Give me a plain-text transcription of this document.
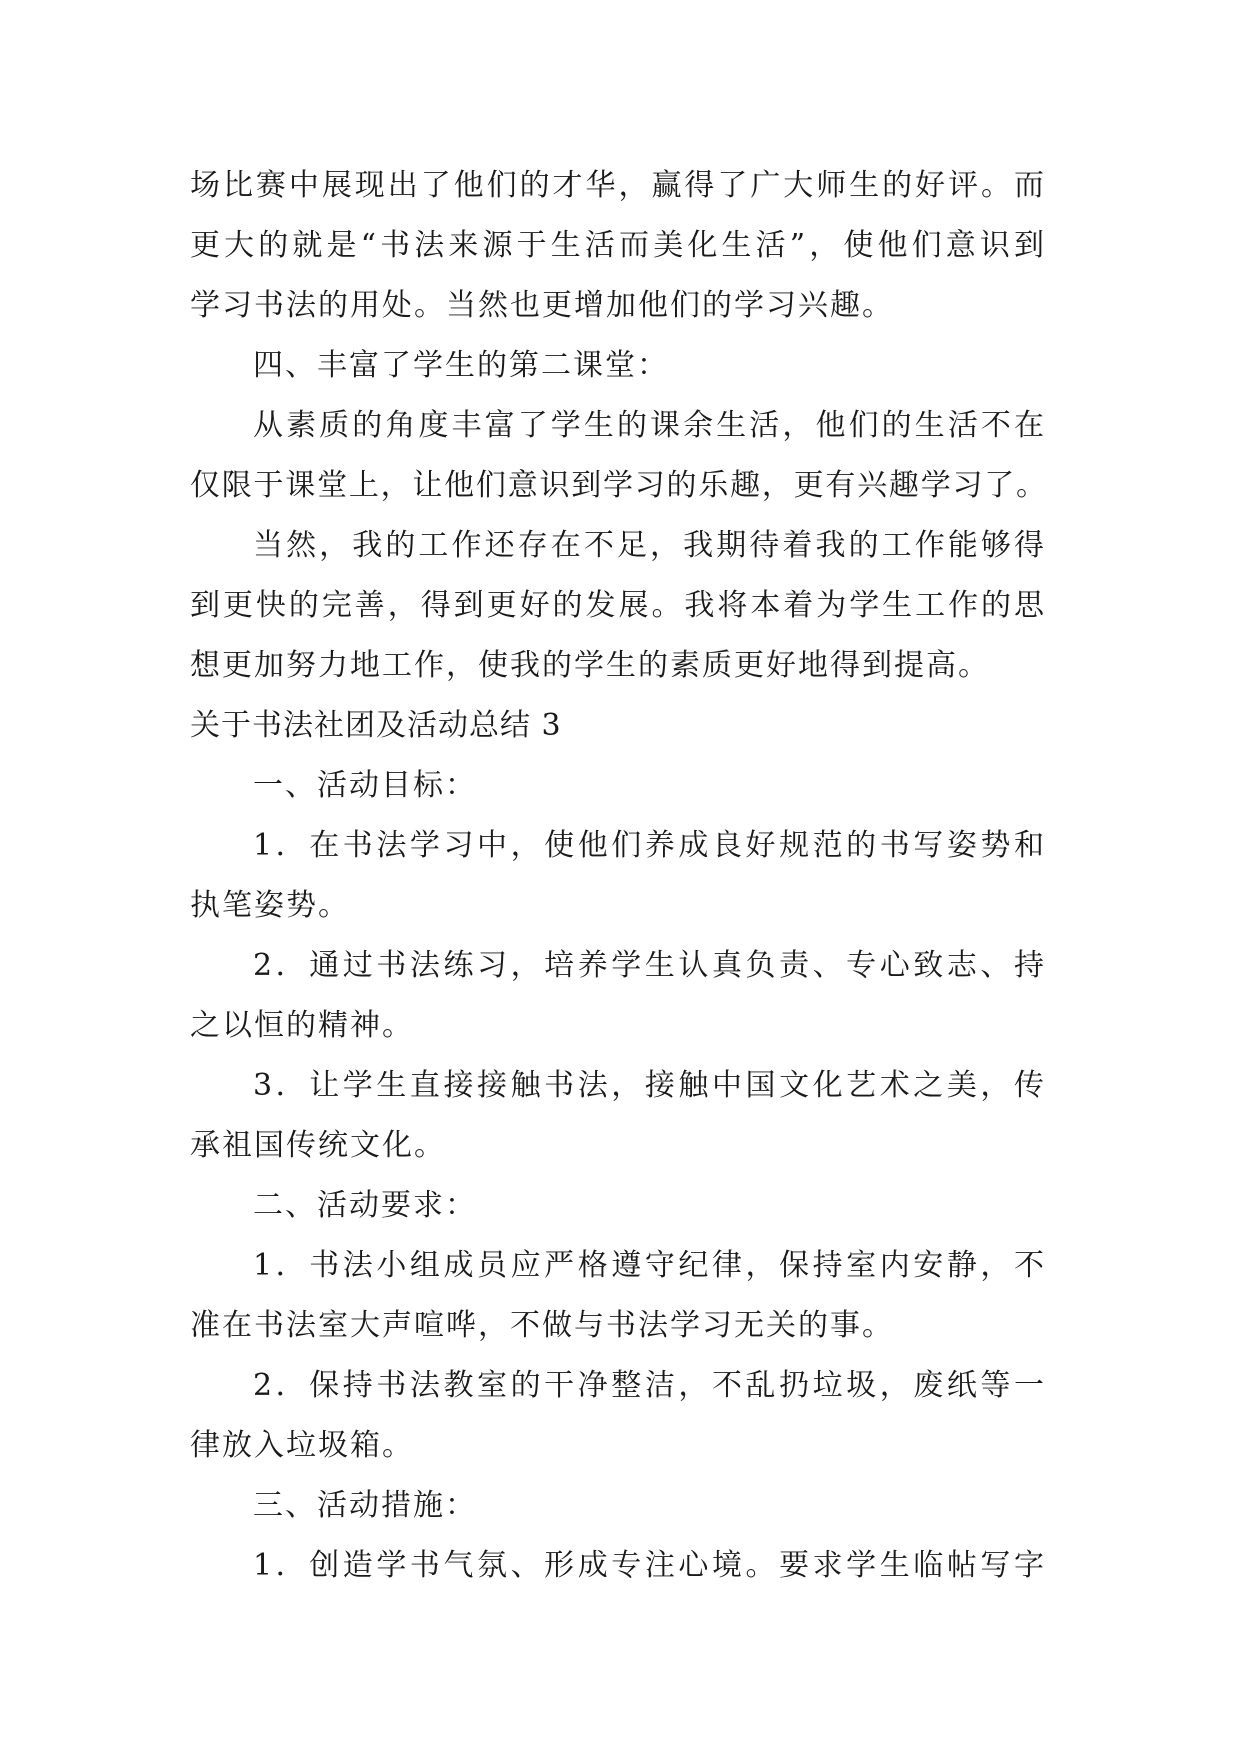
场比赛中展现出了他们的才华，赢得了广大师生的好评。而
更大的就是“书法来源于生活而美化生活”，使他们意识到
学习书法的用处。当然也更增加他们的学习兴趣。
四、丰富了学生的第二课堂：
从素质的角度丰富了学生的课余生活，他们的生活不在
仅限于课堂上，让他们意识到学习的乐趣，更有兴趣学习了。
当然，我的工作还存在不足，我期待着我的工作能够得
到更快的完善，得到更好的发展。我将本着为学生工作的思
想更加努力地工作，使我的学生的素质更好地得到提高。
关于书法社团及活动总结 3
一、活动目标：
1．在书法学习中，使他们养成良好规范的书写姿势和
执笔姿势。
2．通过书法练习，培养学生认真负责、专心致志、持
之以恒的精神。
3．让学生直接接触书法，接触中国文化艺术之美，传
承祖国传统文化。
二、活动要求：
1．书法小组成员应严格遵守纪律，保持室内安静，不
准在书法室大声喧哗，不做与书法学习无关的事。
2．保持书法教室的干净整洁，不乱扔垃圾，废纸等一
律放入垃圾箱。
三、活动措施：
1．创造学书气氛、形成专注心境。要求学生临帖写字
